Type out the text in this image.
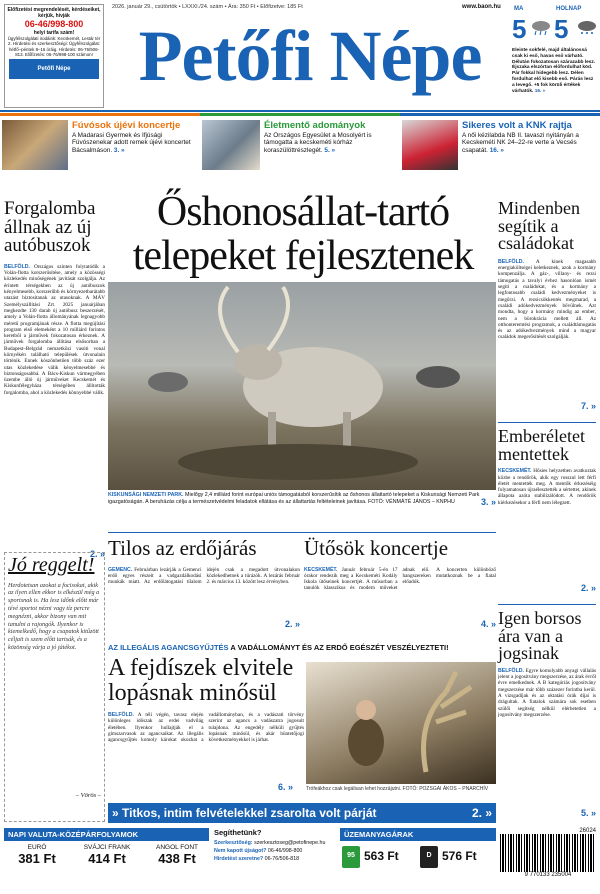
Előfizetési megrendelését, kérdéseiket, kérjük, hívják
06-46/998-800
helyi tarifa szám!
Ügyfélszolgálati irodáink: Kecskemét, Lestár tér 2. Hírdetési és szerkesztőségi: Ügyfélszolgálat: hétfő–péntek 8–16 óráig. Hírdetés: 06-76/506-813. Előfizetés: 06-76/998-100 számon!
Petőfi Népe
2026. január 29., csütörtök • LXXXI./24. szám • Ára: 350 Ft • Előfizetve: 185 Ft	www.baon.hu
Petőfi Népe
MA
5
HOLNAP
5
Eleinte sokfelé, majd általánossá csak ki eső, havas eső várható. Délután fokozatosan szárazabb lesz. Éjszaka elszórtan előfordulhat köd. Pár fokkal hidegebb lesz. Délen fordulhat elő kisebb eső. Párás lesz a levegő. +5 fok körüli értékek várhatók. 16. »
Fúvósok újévi koncertje
A Madarasi Gyermek és Ifjúsági Fúvószenekar adott remek újévi koncertet Bácsalmáson. 3. »
Életmentő adományok
Az Országos Egyesület a Mosolyért is támogatta a kecskeméti kórház koraszülöttrészlegét. 5. »
Sikeres volt a KNK rajtja
A női kézilabda NB II. tavaszi nyitányán a Kecskeméti NK 24–22-re verte a Vecsés csapatát. 16. »
Forgalomba állnak az új autóbuszok
BELFÖLD. Országos szinten folytatódik a Volán-flotta korszerűsítése, amely a közösségi közlekedés minőségének javítását szolgálja. Az érintett térségekben az új autóbuszok kényelmesebb, korszerűbb és környezetbarátabb utazást biztosítanak az utasoknak. A MÁV Személyszállítási Zrt. 2025 januárjában megkezdte 130 darab új autóbusz beszerzését, amely a Volán-flotta állományának legnagyobb méretű programjának része. A flotta megújítási program első elemeként a 10 milliárd forintos keretből a járművek fokozatosan érkeznek. A járművek forgalomba állítása elsősorban a Budapest–Belgrád nemzetközi vasúti vonal környékén található települések útvonalain történik. Ennek köszönhetően több száz ezer utas közlekedése válik kényelmesebbé és biztonságosabbá. A Bács-Kiskun vármegyében üzembe álló új járműveket Kecskemét és Kiskunfélegyháza térségében állították forgalomba, ahol a közlekedés könnyebbé válik.
2. »
Őshonosállat-tartó telepeket fejlesztenek
KISKUNSÁGI NEMZETI PARK. Mielőgy 2,4 milliárd forint európai uniós támogatásból korszerűsítik az őshonos állattartó telepeket a Kiskunsági Nemzeti Park igazgatóságán. A beruházás célja a természetvédelmi feladatok ellátása és az állattartás feltételeinek javítása. FOTÓ: VÉNMÁTÉ JÁNOS – KNPHU	3. »
Mindenben segítik a családokat
BELFÖLD. A kinek magasabb energiaköltségei keletkeznek, azok a kormány kompenzálja. A gáz-, villany- és rezsi támogatás a tavalyi évhez hasonlóan ismét segíti a családokat, és a kormány a legfontosabb családi kedvezményeket is megőrzi. A rezsicsökkentés megmarad, a családi adókedvezmények bővülnek. Azt mondta, hogy a kormány mindig az ember, nem a bürokrácia mellett áll. Az otthonteremtési programok, a családtámogatás és az adókedvezmények mind a magyar családok megerősítését szolgálják.
7. »
Emberéletet mentettek
KECSKEMÉT. Hősies helyzetben avatkoztak közbe a rendőrök, akik egy rosszul lett férfi életét mentették meg. A mentők érkezéséig folyamatosan újraélesztették a sértettet, akinek állapota azóta stabilizálódott. A rendőrök kiérkezésekor a férfi nem lélegzett.
2. »
Igen borsos ára van a jogsinak
BELFÖLD. Egyre komolyabb anyagi vállalás jelent a jogosítvány megszerzése, az árak évről évre emelkednek. A B kategóriás jogosítvány megszerzése már több százezer forintba kerül. A vizsgadíjak és az oktatási órák díjai is drágultak. A fiatalok számára sok esetben szülői segítség nélkül elérhetetlen a jogosítvány megszerzése.
5. »
Jó reggelt!
Herdotetsan azokat a focisokat, akik az ilyen ellen ekkor is elkészül még a sportsnak is. Ha lesz időnk előtt már tévé sportot nézni vagy tíz percre megnézni, akkor bizony van mit tanulni a rajongók. Ilyenkor is kiemelkedő, hogy a csapatok kitűzött céljait is szem előtt tartsák, és a közönség várja a jó játékot.
– Vörös –
Tilos az erdőjárás
GEMENC. Februárban lezárják a Gemenci erdő egyes részeit a vadgazdálkodási munkák miatt. Az erdőlátogatási tilalom idején csak a megadott útvonalakon közlekedhetnek a túrázók. A lezárás február 2. és március 13. között lesz érvényben.
2. »
Ütősök koncertje
KECSKEMÉT. Január február 5-én 17 órakor rendezik meg a Kecskeméti Kodály Iskola ütőseinek koncertjét. A műsorban a tanulók klasszikus és modern műveket adnak elő. A koncerten különböző hangszereken mutatkoznak be a fiatal előadók.
4. »
AZ ILLEGÁLIS AGANCSGYŰJTÉS A VADÁLLOMÁNYT ÉS AZ ERDŐ EGÉSZÉT VESZÉLYEZTETI!
A fejdíszek elvitele lopásnak minősül
BELFÖLD. A téli végén, tavasz elején különleges időszak az erdei vadvilág életében. Ilyenkor hullajtják el a gímszarvasok az agancsaikat. Az illegális agancsgyűjtés komoly károkat okozhat a vadállományban, és a vadászati törvény szerint az agancs a vadászatra jogosult tulajdona. Az engedély nélküli gyűjtés lopásnak minősül, és akár büntetőjogi következményekkel is járhat.
6. »	Trófeákhoz csak legálisan lehet hozzájutni. FOTÓ: POZSGAI ÁKOS – PNARCHÍV
» Titkos, intim felvételekkel zsarolta volt párját	2. »
NAPI VALUTA-KÖZÉPÁRFOLYAMOK
EURÓ
381 Ft
SVÁJCI FRANK
414 Ft
ANGOL FONT
438 Ft
Segíthetünk?
Szerkesztőség: szerkesztoseg@petofinepe.hu
Nem kapott újságot? 06-46/998-800
Hirdetést szeretne? 06-76/506-818
ÜZEMANYAGÁRAK
95 563 Ft	D 576 Ft
26024
9 770133 235004
